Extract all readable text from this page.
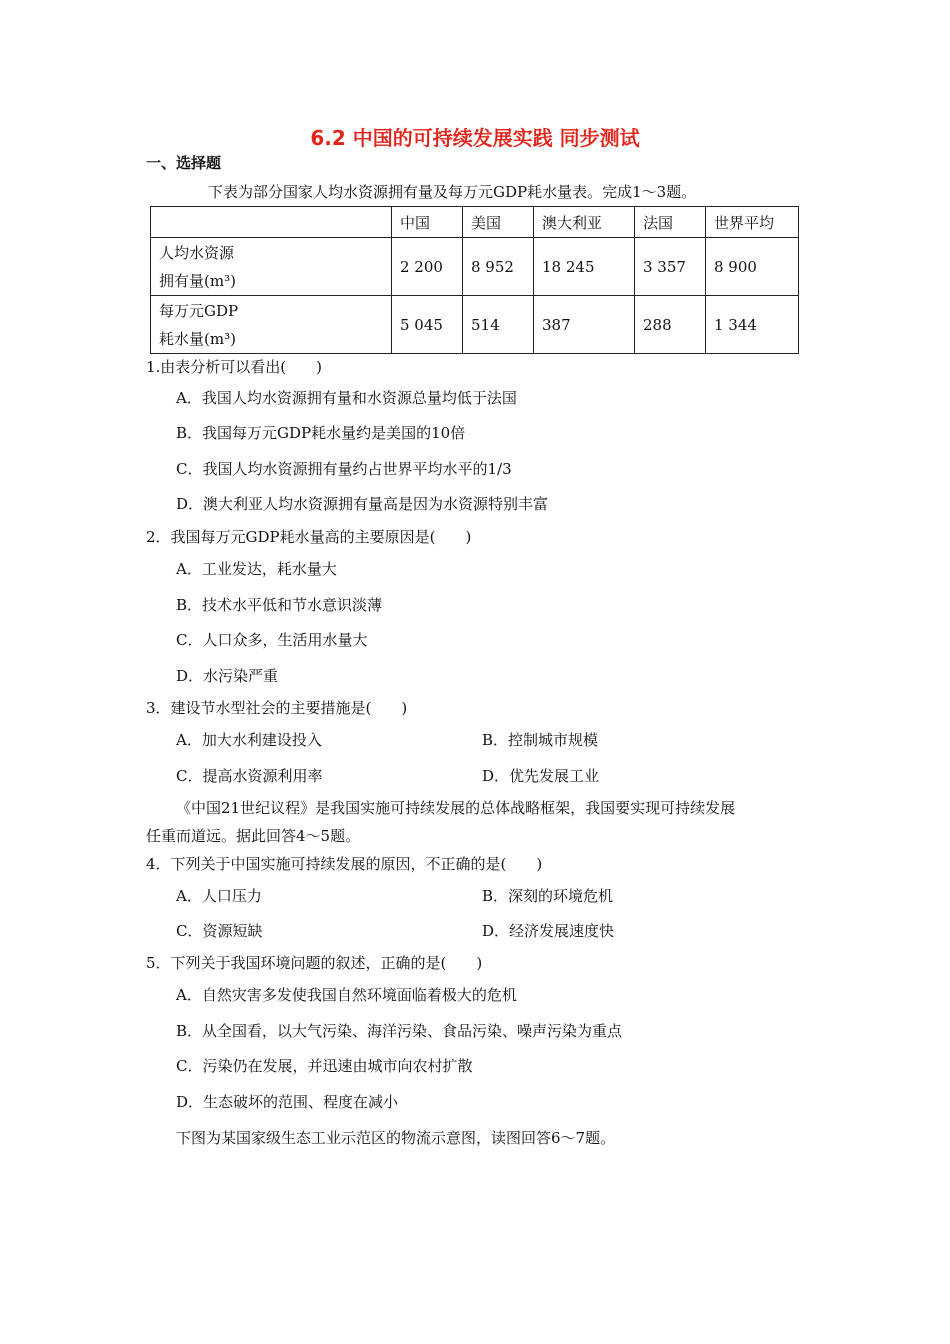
6.2 中国的可持续发展实践 同步测试
一、选择题
下表为部分国家人均水资源拥有量及每万元GDP耗水量表。完成1～3题。
	中国	美国	澳大利亚	法国	世界平均

人均水资源
拥有量(m³)	2 200	8 952	18 245	3 357	8 900

每万元GDP
耗水量(m³)	5 045	514	387	288	1 344
1.由表分析可以看出(　　)
A．我国人均水资源拥有量和水资源总量均低于法国
B．我国每万元GDP耗水量约是美国的10倍
C．我国人均水资源拥有量约占世界平均水平的1/3
D．澳大利亚人均水资源拥有量高是因为水资源特别丰富
2．我国每万元GDP耗水量高的主要原因是(　　)
A．工业发达，耗水量大
B．技术水平低和节水意识淡薄
C．人口众多，生活用水量大
D．水污染严重
3．建设节水型社会的主要措施是(　　)
A．加大水利建设投入	B．控制城市规模
C．提高水资源利用率	D．优先发展工业
《中国21世纪议程》是我国实施可持续发展的总体战略框架，我国要实现可持续发展
任重而道远。据此回答4～5题。
4．下列关于中国实施可持续发展的原因，不正确的是(　　)
A．人口压力	B．深刻的环境危机
C．资源短缺	D．经济发展速度快
5．下列关于我国环境问题的叙述，正确的是(　　)
A．自然灾害多发使我国自然环境面临着极大的危机
B．从全国看，以大气污染、海洋污染、食品污染、噪声污染为重点
C．污染仍在发展，并迅速由城市向农村扩散
D．生态破坏的范围、程度在减小
下图为某国家级生态工业示范区的物流示意图，读图回答6～7题。
